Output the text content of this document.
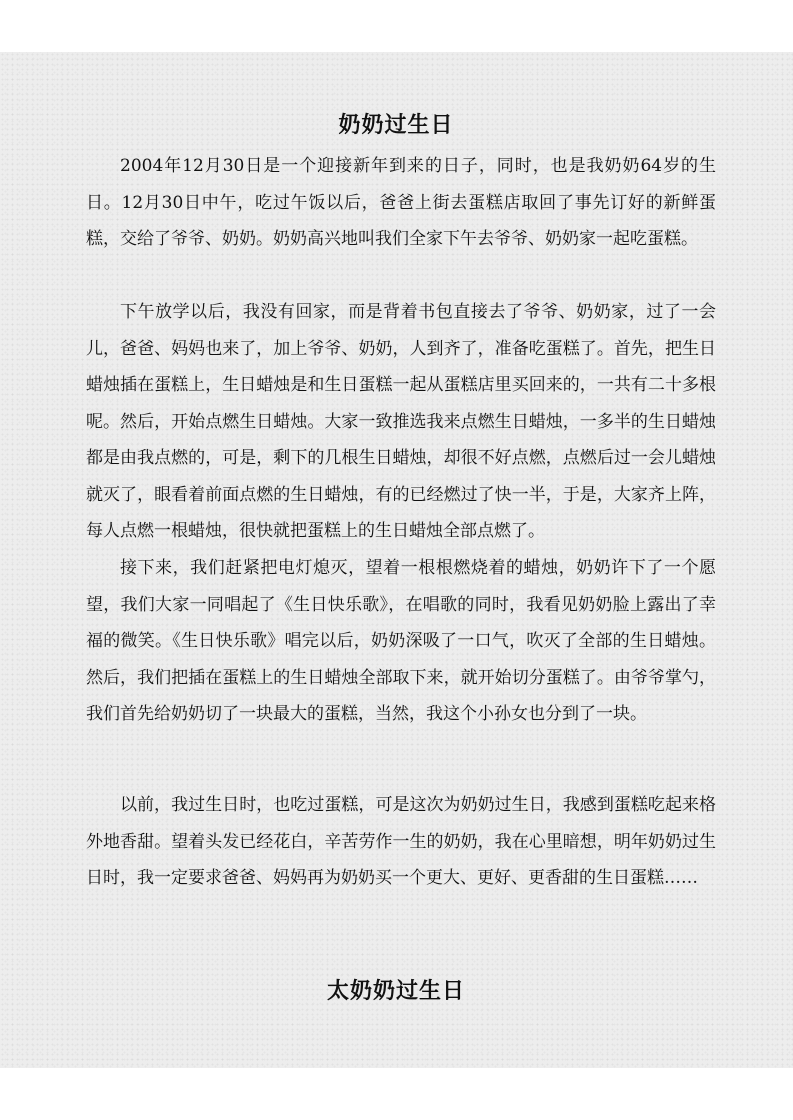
奶奶过生日
2004年12月30日是一个迎接新年到来的日子，同时，也是我奶奶64岁的生日。12月30日中午，吃过午饭以后，爸爸上街去蛋糕店取回了事先订好的新鲜蛋糕，交给了爷爷、奶奶。奶奶高兴地叫我们全家下午去爷爷、奶奶家一起吃蛋糕。
下午放学以后，我没有回家，而是背着书包直接去了爷爷、奶奶家，过了一会儿，爸爸、妈妈也来了，加上爷爷、奶奶，人到齐了，准备吃蛋糕了。首先，把生日蜡烛插在蛋糕上，生日蜡烛是和生日蛋糕一起从蛋糕店里买回来的，一共有二十多根呢。然后，开始点燃生日蜡烛。大家一致推选我来点燃生日蜡烛，一多半的生日蜡烛都是由我点燃的，可是，剩下的几根生日蜡烛，却很不好点燃，点燃后过一会儿蜡烛就灭了，眼看着前面点燃的生日蜡烛，有的已经燃过了快一半，于是，大家齐上阵，每人点燃一根蜡烛，很快就把蛋糕上的生日蜡烛全部点燃了。
接下来，我们赶紧把电灯熄灭，望着一根根燃烧着的蜡烛，奶奶许下了一个愿望，我们大家一同唱起了《生日快乐歌》，在唱歌的同时，我看见奶奶脸上露出了幸福的微笑。《生日快乐歌》唱完以后，奶奶深吸了一口气，吹灭了全部的生日蜡烛。然后，我们把插在蛋糕上的生日蜡烛全部取下来，就开始切分蛋糕了。由爷爷掌勺，我们首先给奶奶切了一块最大的蛋糕，当然，我这个小孙女也分到了一块。
以前，我过生日时，也吃过蛋糕，可是这次为奶奶过生日，我感到蛋糕吃起来格外地香甜。望着头发已经花白，辛苦劳作一生的奶奶，我在心里暗想，明年奶奶过生日时，我一定要求爸爸、妈妈再为奶奶买一个更大、更好、更香甜的生日蛋糕……
太奶奶过生日
